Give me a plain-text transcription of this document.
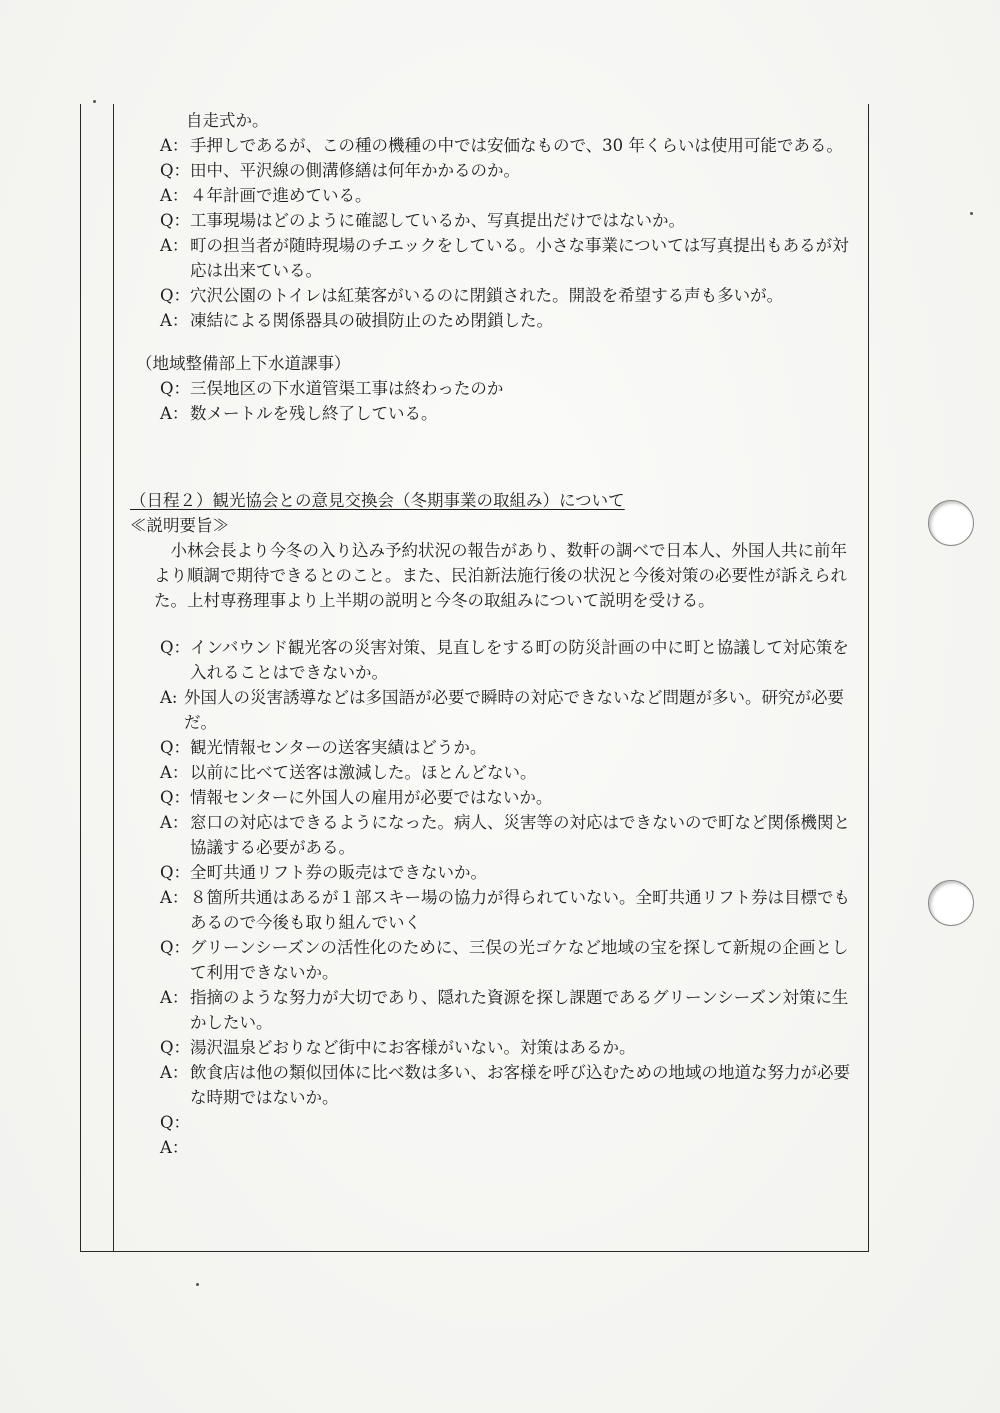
自走式か。
A： 手押しであるが、この種の機種の中では安価なもので、30 年くらいは使用可能である。
Q： 田中、平沢線の側溝修繕は何年かかるのか。
A： ４年計画で進めている。
Q： 工事現場はどのように確認しているか、写真提出だけではないか。
A： 町の担当者が随時現場のチエックをしている。小さな事業については写真提出もあるが対応は出来ている。
Q： 穴沢公園のトイレは紅葉客がいるのに閉鎖された。開設を希望する声も多いが。
A： 凍結による関係器具の破損防止のため閉鎖した。
（地域整備部上下水道課事）
Q： 三俣地区の下水道管渠工事は終わったのか
A： 数メートルを残し終了している。
（日程２）観光協会との意見交換会（冬期事業の取組み）について
≪説明要旨≫
小林会長より今冬の入り込み予約状況の報告があり、数軒の調べで日本人、外国人共に前年より順調で期待できるとのこと。また、民泊新法施行後の状況と今後対策の必要性が訴えられた。上村専務理事より上半期の説明と今冬の取組みについて説明を受ける。
Q： インバウンド観光客の災害対策、見直しをする町の防災計画の中に町と協議して対応策を入れることはできないか。
A: 外国人の災害誘導などは多国語が必要で瞬時の対応できないなど問題が多い。研究が必要だ。
Q： 観光情報センターの送客実績はどうか。
A： 以前に比べて送客は激減した。ほとんどない。
Q： 情報センターに外国人の雇用が必要ではないか。
A： 窓口の対応はできるようになった。病人、災害等の対応はできないので町など関係機関と協議する必要がある。
Q： 全町共通リフト券の販売はできないか。
A： ８箇所共通はあるが１部スキー場の協力が得られていない。全町共通リフト券は目標でもあるので今後も取り組んでいく
Q： グリーンシーズンの活性化のために、三俣の光ゴケなど地域の宝を探して新規の企画として利用できないか。
A： 指摘のような努力が大切であり、隠れた資源を探し課題であるグリーンシーズン対策に生かしたい。
Q： 湯沢温泉どおりなど街中にお客様がいない。対策はあるか。
A： 飲食店は他の類似団体に比べ数は多い、お客様を呼び込むための地域の地道な努力が必要な時期ではないか。
Q：
A：
